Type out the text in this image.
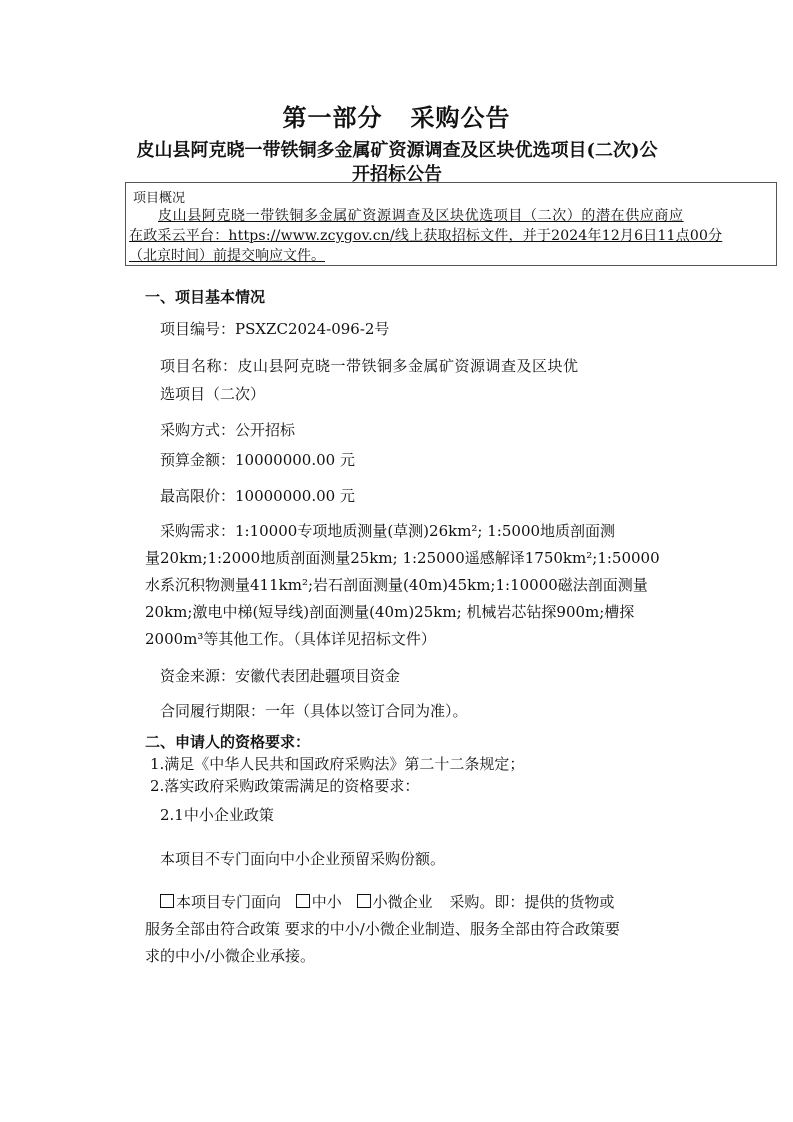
第一部分 采购公告
皮山县阿克晓一带铁铜多金属矿资源调查及区块优选项目(二次)公
开招标公告
项目概况
皮山县阿克晓一带铁铜多金属矿资源调查及区块优选项目（二次）的潜在供应商应
在政采云平台：https://www.zcygov.cn/线上获取招标文件，并于2024年12月6日11点00分
（北京时间）前提交响应文件。
一、项目基本情况
项目编号：PSXZC2024-096-2号
项目名称：皮山县阿克晓一带铁铜多金属矿资源调查及区块优
选项目（二次）
采购方式：公开招标
预算金额：10000000.00 元
最高限价：10000000.00 元
采购需求：1:10000专项地质测量(草测)26km²; 1:5000地质剖面测
量20km;1:2000地质剖面测量25km; 1:25000遥感解译1750km²;1:50000
水系沉积物测量411km²;岩石剖面测量(40m)45km;1:10000磁法剖面测量
20km;激电中梯(短导线)剖面测量(40m)25km; 机械岩芯钻探900m;槽探
2000m³等其他工作。（具体详见招标文件）
资金来源：安徽代表团赴疆项目资金
合同履行期限：一年（具体以签订合同为准）。
二、申请人的资格要求：
1.满足《中华人民共和国政府采购法》第二十二条规定；
2.落实政府采购政策需满足的资格要求：
2.1中小企业政策
本项目不专门面向中小企业预留采购份额。
本项目专门面向 中小 小微企业 采购。即：提供的货物或
服务全部由符合政策 要求的中小/小微企业制造、服务全部由符合政策要
求的中小/小微企业承接。
